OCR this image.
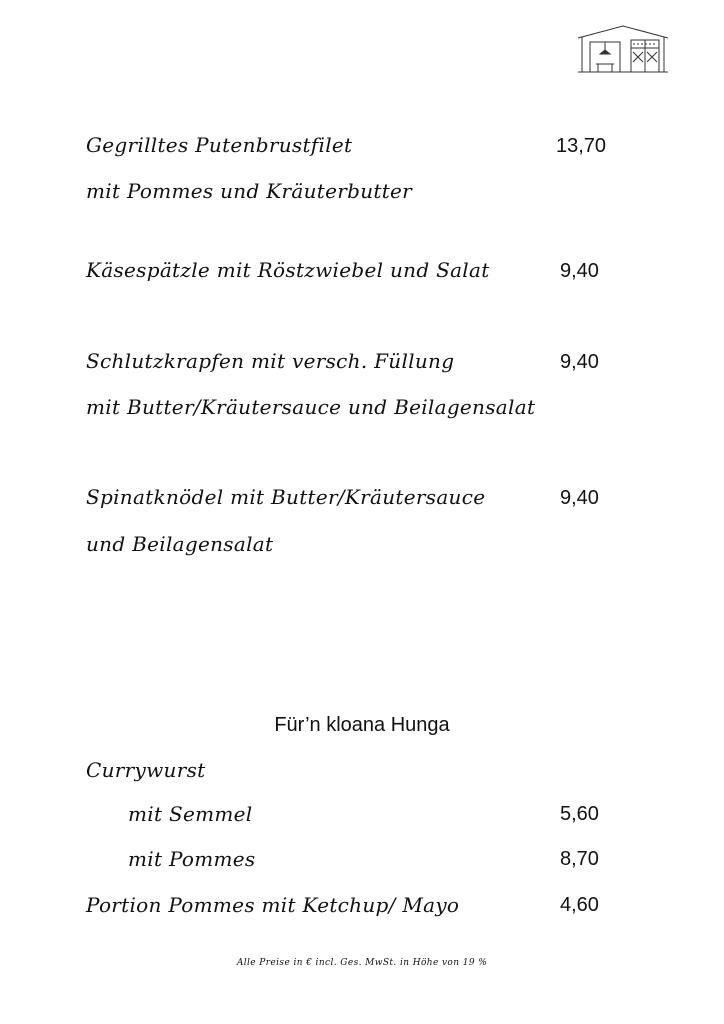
Gegrilltes Putenbrustfilet	13,70
mit Pommes und Kräuterbutter
Käsespätzle mit Röstzwiebel und Salat	9,40
Schlutzkrapfen mit versch. Füllung	9,40
mit Butter/Kräutersauce und Beilagensalat
Spinatknödel mit Butter/Kräutersauce	9,40
und Beilagensalat
Für’n kloana Hunga
Currywurst
mit Semmel	5,60
mit Pommes	8,70
Portion Pommes mit Ketchup/ Mayo	4,60
Alle Preise in € incl. Ges. MwSt. in Höhe von 19 %
